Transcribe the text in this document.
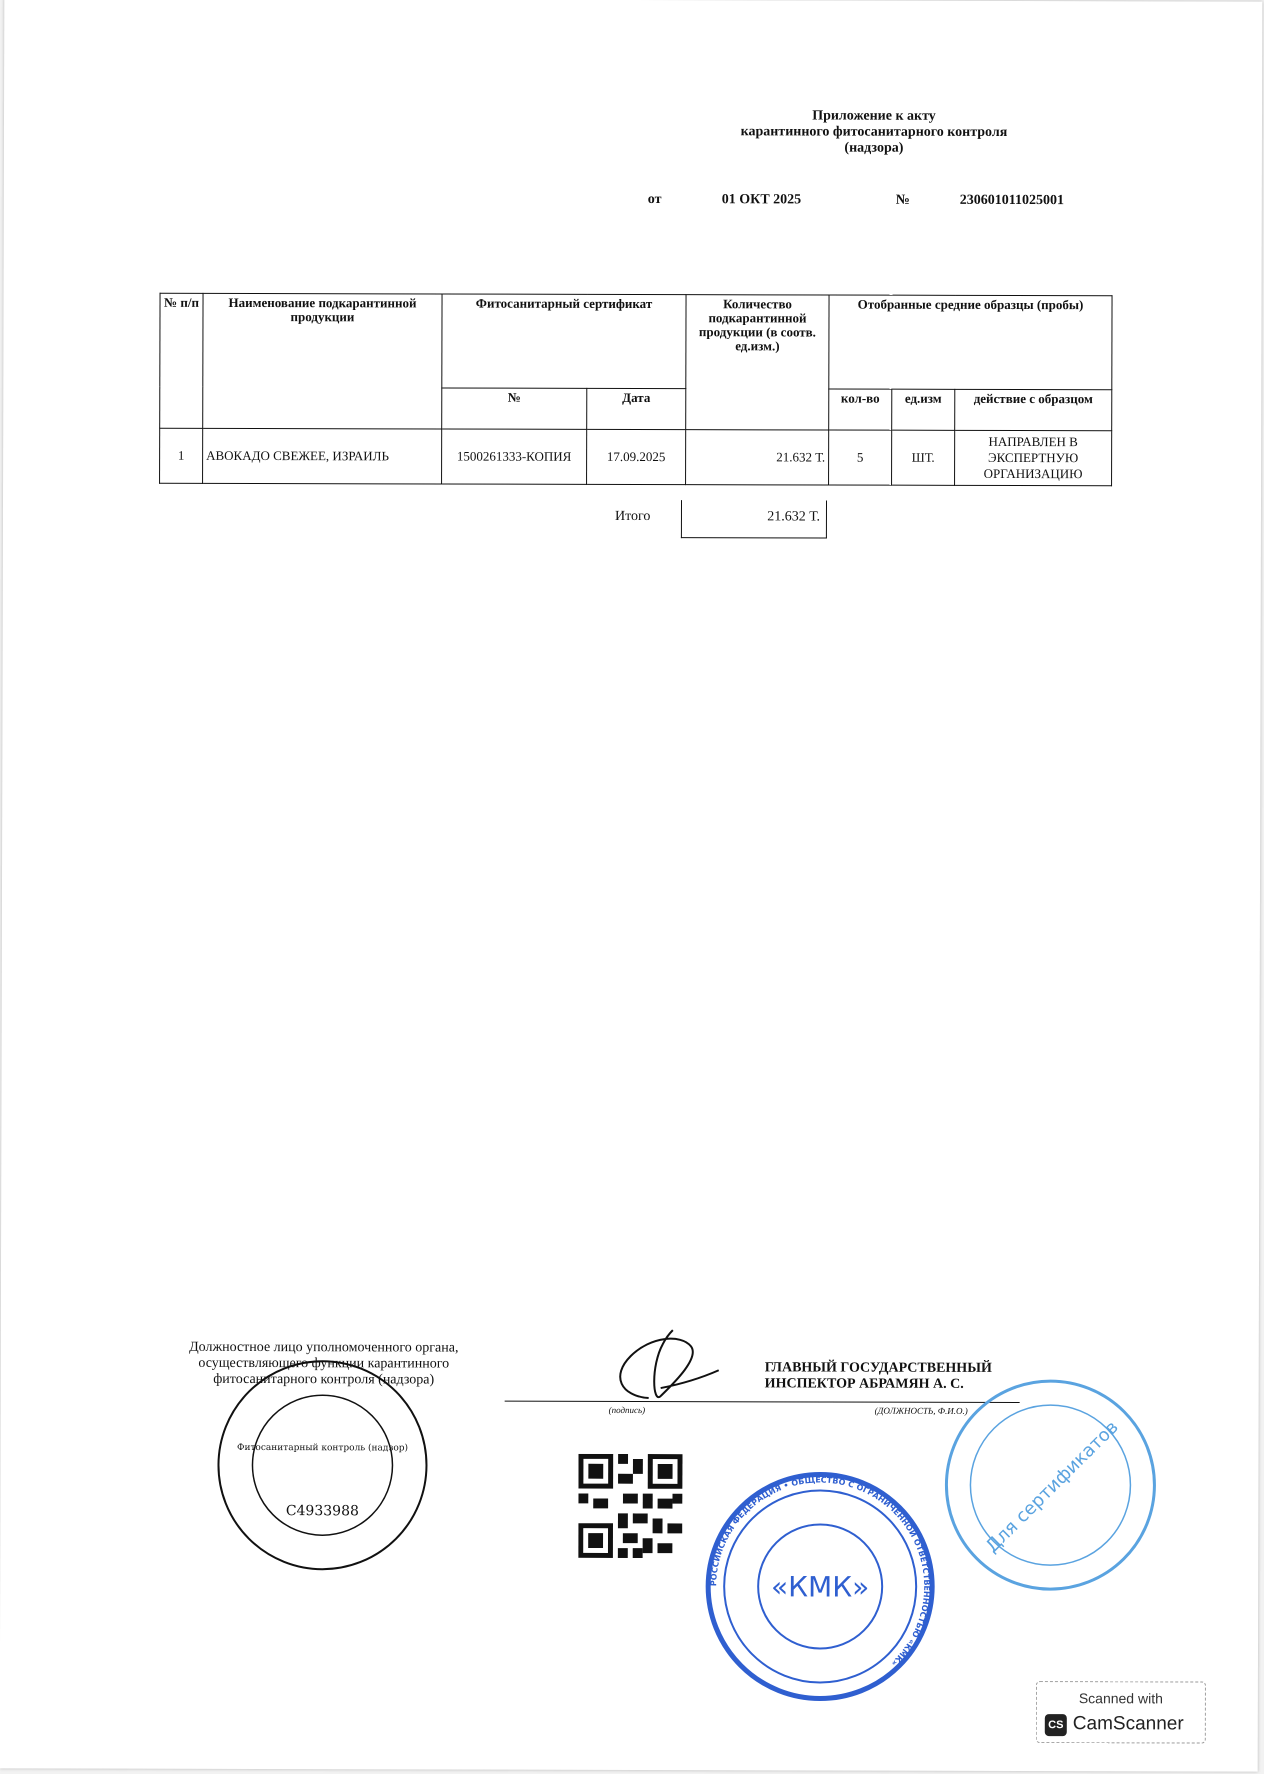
Приложение к акту
карантинного фитосанитарного контроля
(надзора)
от	01 ОКТ 2025	№	230601011025001
№ п/п	Наименование подкарантинной продукции	Фитосанитарный сертификат		Количество подкарантинной продукции (в соотв. ед.изм.)	Отобранные средние образцы (пробы)		
		№	Дата		кол-во	ед.изм	действие с образцом
1	АВОКАДО СВЕЖЕЕ, ИЗРАИЛЬ	1500261333-КОПИЯ	17.09.2025	21.632 Т.	5	ШТ.	НАПРАВЛЕН В ЭКСПЕРТНУЮ ОРГАНИЗАЦИЮ
Итого	21.632 Т.
Должностное лицо уполномоченного органа, осуществляющего функции карантинного фитосанитарного контроля (надзора)
(подпись)	(ДОЛЖНОСТЬ, Ф.И.О.)
ГЛАВНЫЙ ГОСУДАРСТВЕННЫЙ
ИНСПЕКТОР АБРАМЯН А. С.
Фитосанитарный контроль (надзор)
С4933988
РОССИЙСКАЯ ФЕДЕРАЦИЯ • ОБЩЕСТВО С ОГРАНИЧЕННОЙ ОТВЕТСТВЕННОСТЬЮ «КМК»
«КМК»
Для сертификатов
Scanned with
CS CamScanner
